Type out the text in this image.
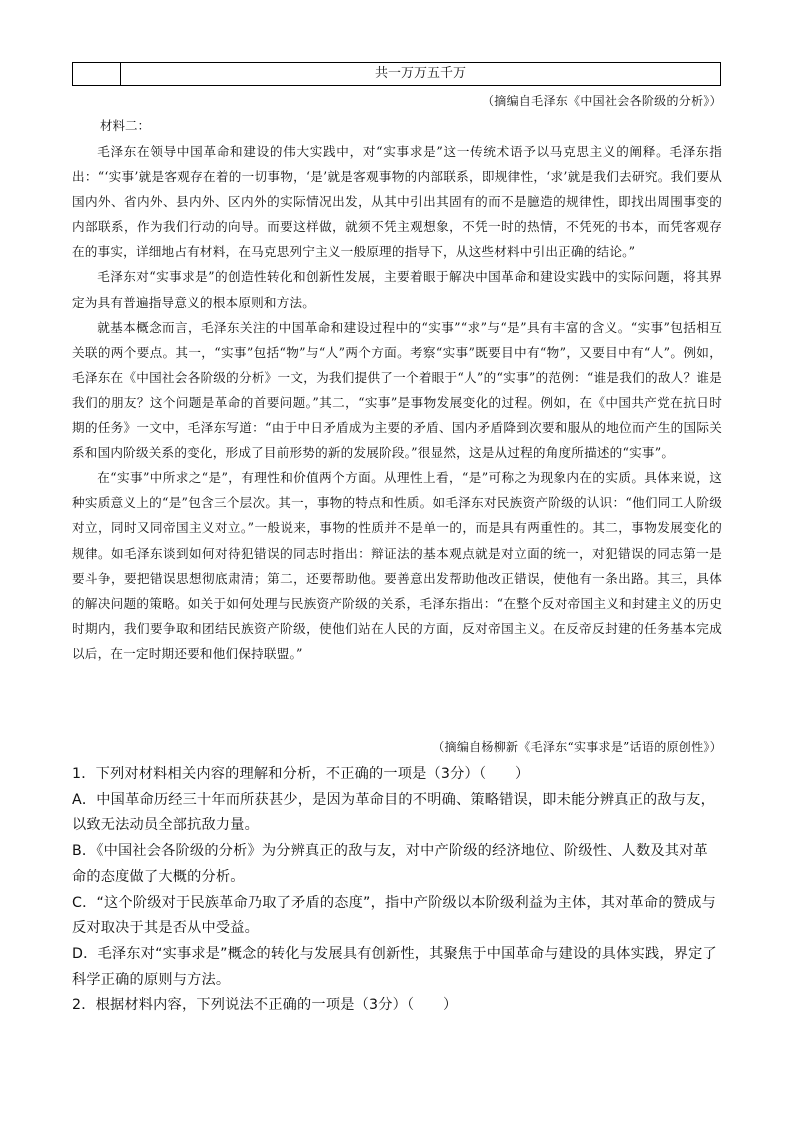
共一万万五千万
（摘编自毛泽东《中国社会各阶级的分析》）
材料二：

毛泽东在领导中国革命和建设的伟大实践中，对“实事求是”这一传统术语予以马克思主义的阐释。毛泽东指出：“‘实事’就是客观存在着的一切事物，‘是’就是客观事物的内部联系，即规律性，‘求’就是我们去研究。我们要从国内外、省内外、县内外、区内外的实际情况出发，从其中引出其固有的而不是臆造的规律性，即找出周围事变的内部联系，作为我们行动的向导。而要这样做，就须不凭主观想象，不凭一时的热情，不凭死的书本，而凭客观存在的事实，详细地占有材料，在马克思列宁主义一般原理的指导下，从这些材料中引出正确的结论。”

毛泽东对“实事求是”的创造性转化和创新性发展，主要着眼于解决中国革命和建设实践中的实际问题，将其界定为具有普遍指导意义的根本原则和方法。

就基本概念而言，毛泽东关注的中国革命和建设过程中的“实事”“求”与“是”具有丰富的含义。“实事”包括相互关联的两个要点。其一，“实事”包括“物”与“人”两个方面。考察“实事”既要目中有“物”，又要目中有“人”。例如，毛泽东在《中国社会各阶级的分析》一文，为我们提供了一个着眼于“人”的“实事”的范例：“谁是我们的敌人？谁是我们的朋友？这个问题是革命的首要问题。”其二，“实事”是事物发展变化的过程。例如，在《中国共产党在抗日时期的任务》一文中，毛泽东写道：“由于中日矛盾成为主要的矛盾、国内矛盾降到次要和服从的地位而产生的国际关系和国内阶级关系的变化，形成了目前形势的新的发展阶段。”很显然，这是从过程的角度所描述的“实事”。

在“实事”中所求之“是”，有理性和价值两个方面。从理性上看，“是”可称之为现象内在的实质。具体来说，这种实质意义上的“是”包含三个层次。其一，事物的特点和性质。如毛泽东对民族资产阶级的认识：“他们同工人阶级对立，同时又同帝国主义对立。”一般说来，事物的性质并不是单一的，而是具有两重性的。其二，事物发展变化的规律。如毛泽东谈到如何对待犯错误的同志时指出：辩证法的基本观点就是对立面的统一，对犯错误的同志第一是要斗争，要把错误思想彻底肃清；第二，还要帮助他。要善意出发帮助他改正错误，使他有一条出路。其三，具体的解决问题的策略。如关于如何处理与民族资产阶级的关系，毛泽东指出：“在整个反对帝国主义和封建主义的历史时期内，我们要争取和团结民族资产阶级，使他们站在人民的方面，反对帝国主义。在反帝反封建的任务基本完成以后，在一定时期还要和他们保持联盟。”

（摘编自杨柳新《毛泽东“实事求是”话语的原创性》）

1．下列对材料相关内容的理解和分析，不正确的一项是（3分）（　　）

A．中国革命历经三十年而所获甚少，是因为革命目的不明确、策略错误，即未能分辨真正的敌与友，以致无法动员全部抗敌力量。

B．《中国社会各阶级的分析》为分辨真正的敌与友，对中产阶级的经济地位、阶级性、人数及其对革命的态度做了大概的分析。

C．“这个阶级对于民族革命乃取了矛盾的态度”，指中产阶级以本阶级利益为主体，其对革命的赞成与反对取决于其是否从中受益。

D．毛泽东对“实事求是”概念的转化与发展具有创新性，其聚焦于中国革命与建设的具体实践，界定了科学正确的原则与方法。

2．根据材料内容，下列说法不正确的一项是（3分）（　　）
